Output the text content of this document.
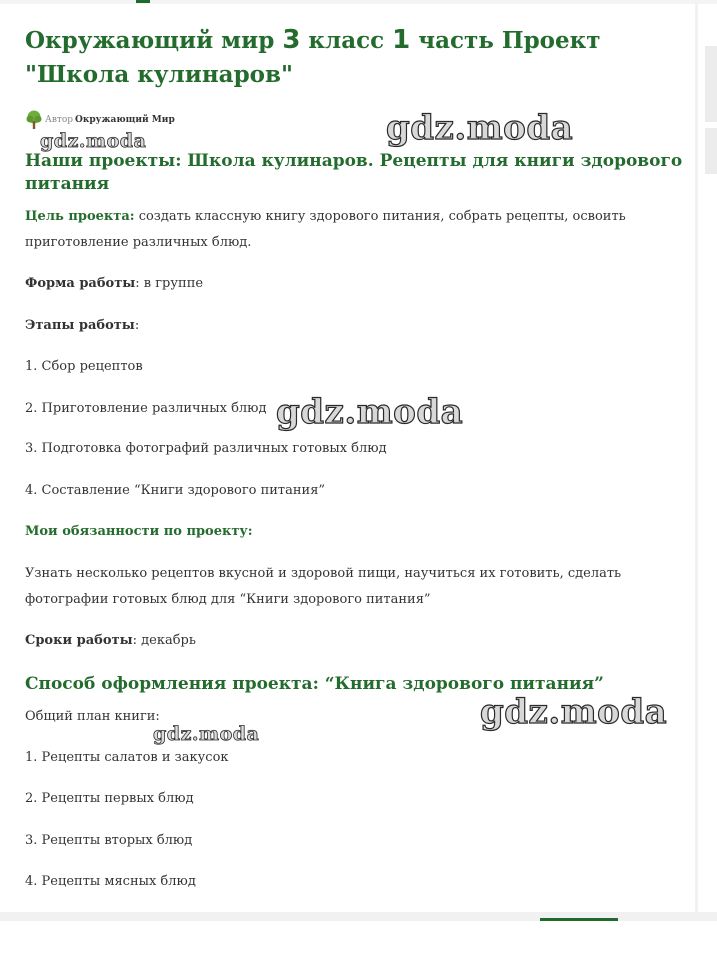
Окружающий мир 3 класс 1 часть Проект "Школа кулинаров"
Автор Окружающий Мир
Наши проекты: Школа кулинаров. Рецепты для книги здорового питания

Цель проекта: создать классную книгу здорового питания, собрать рецепты, освоить приготовление различных блюд.

Форма работы: в группе

Этапы работы:

1. Сбор рецептов

2. Приготовление различных блюд

3. Подготовка фотографий различных готовых блюд

4. Составление “Книги здорового питания”

Мои обязанности по проекту:

Узнать несколько рецептов вкусной и здоровой пищи, научиться их готовить, сделать фотографии готовых блюд для “Книги здорового питания”

Сроки работы: декабрь

Способ оформления проекта: “Книга здорового питания”

Общий план книги:

1. Рецепты салатов и закусок

2. Рецепты первых блюд

3. Рецепты вторых блюд

4. Рецепты мясных блюд

gdz.moda
gdz.moda
gdz.moda
gdz.moda
gdz.moda
